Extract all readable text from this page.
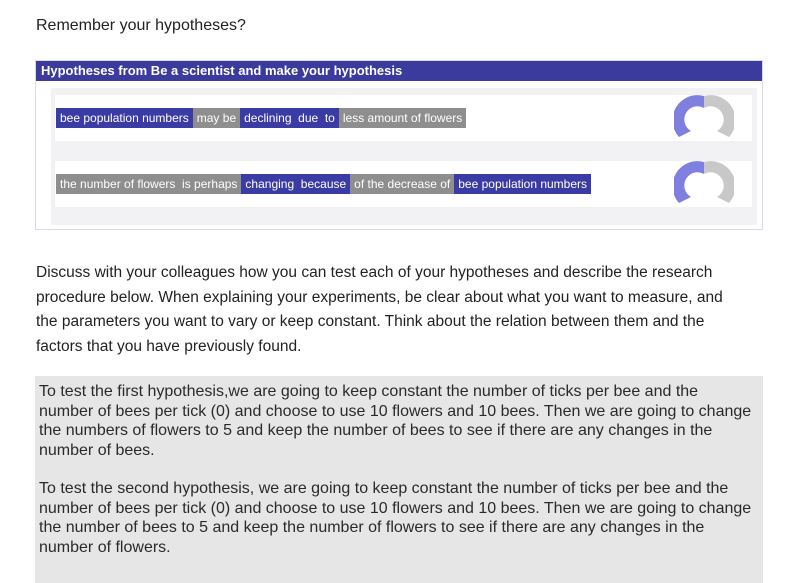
Remember your hypotheses?
Hypotheses from Be a scientist and make your hypothesis
bee population numbers may be declining  due  to less amount of flowers
the number of flowers  is perhaps changing  because of the decrease of bee population numbers
Discuss with your colleagues how you can test each of your hypotheses and describe the research procedure below. When explaining your experiments, be clear about what you want to measure, and the parameters you want to vary or keep constant. Think about the relation between them and the factors that you have previously found.

To test the first hypothesis,we are going to keep constant the number of ticks per bee and the number of bees per tick (0) and choose to use 10 flowers and 10 bees. Then we are going to change the numbers of flowers to 5 and keep the number of bees to see if there are any changes in the number of bees.

To test the second hypothesis, we are going to keep constant the number of ticks per bee and the number of bees per tick (0) and choose to use 10 flowers and 10 bees. Then we are going to change the number of bees to 5 and keep the number of flowers to see if there are any changes in the number of flowers.
